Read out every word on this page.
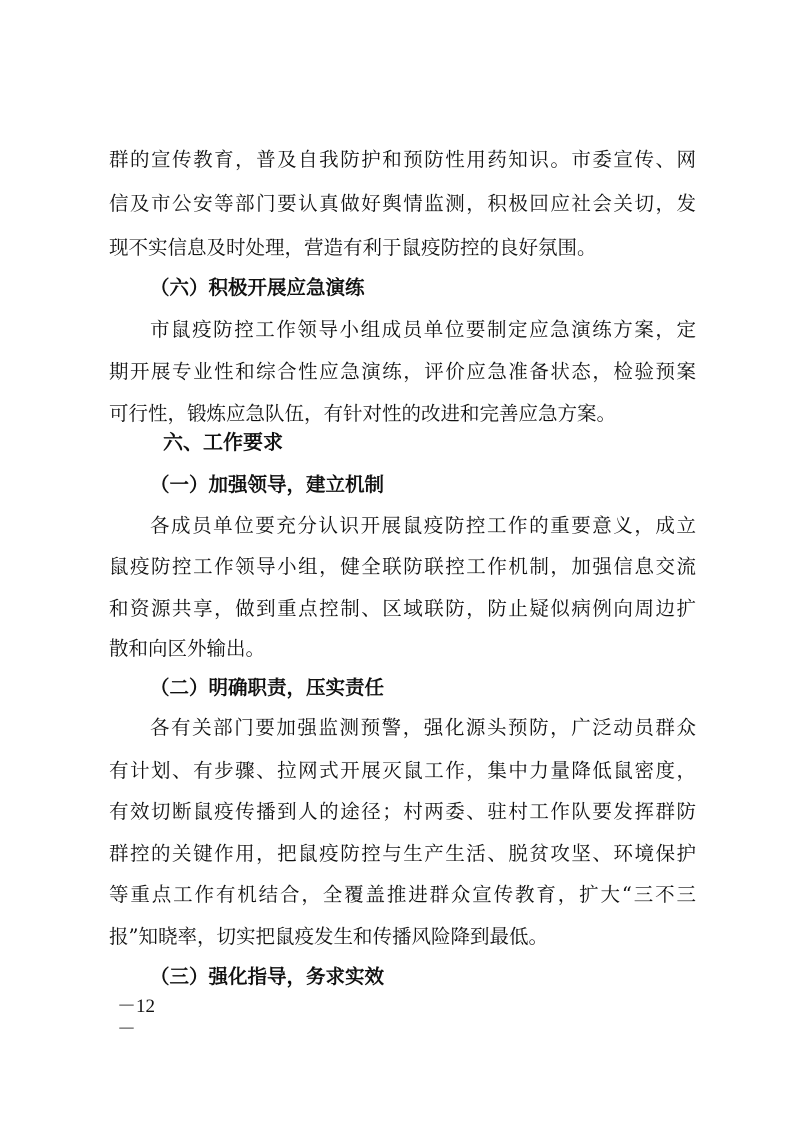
群的宣传教育，普及自我防护和预防性用药知识。市委宣传、网
信及市公安等部门要认真做好舆情监测，积极回应社会关切，发
现不实信息及时处理，营造有利于鼠疫防控的良好氛围。
（六）积极开展应急演练
市鼠疫防控工作领导小组成员单位要制定应急演练方案，定
期开展专业性和综合性应急演练，评价应急准备状态，检验预案
可行性，锻炼应急队伍，有针对性的改进和完善应急方案。
六、工作要求
（一）加强领导，建立机制
各成员单位要充分认识开展鼠疫防控工作的重要意义，成立
鼠疫防控工作领导小组，健全联防联控工作机制，加强信息交流
和资源共享，做到重点控制、区域联防，防止疑似病例向周边扩
散和向区外输出。
（二）明确职责，压实责任
各有关部门要加强监测预警，强化源头预防，广泛动员群众
有计划、有步骤、拉网式开展灭鼠工作，集中力量降低鼠密度，
有效切断鼠疫传播到人的途径；村两委、驻村工作队要发挥群防
群控的关键作用，把鼠疫防控与生产生活、脱贫攻坚、环境保护
等重点工作有机结合，全覆盖推进群众宣传教育，扩大“三不三
报”知晓率，切实把鼠疫发生和传播风险降到最低。
（三）强化指导，务求实效
－12
－
